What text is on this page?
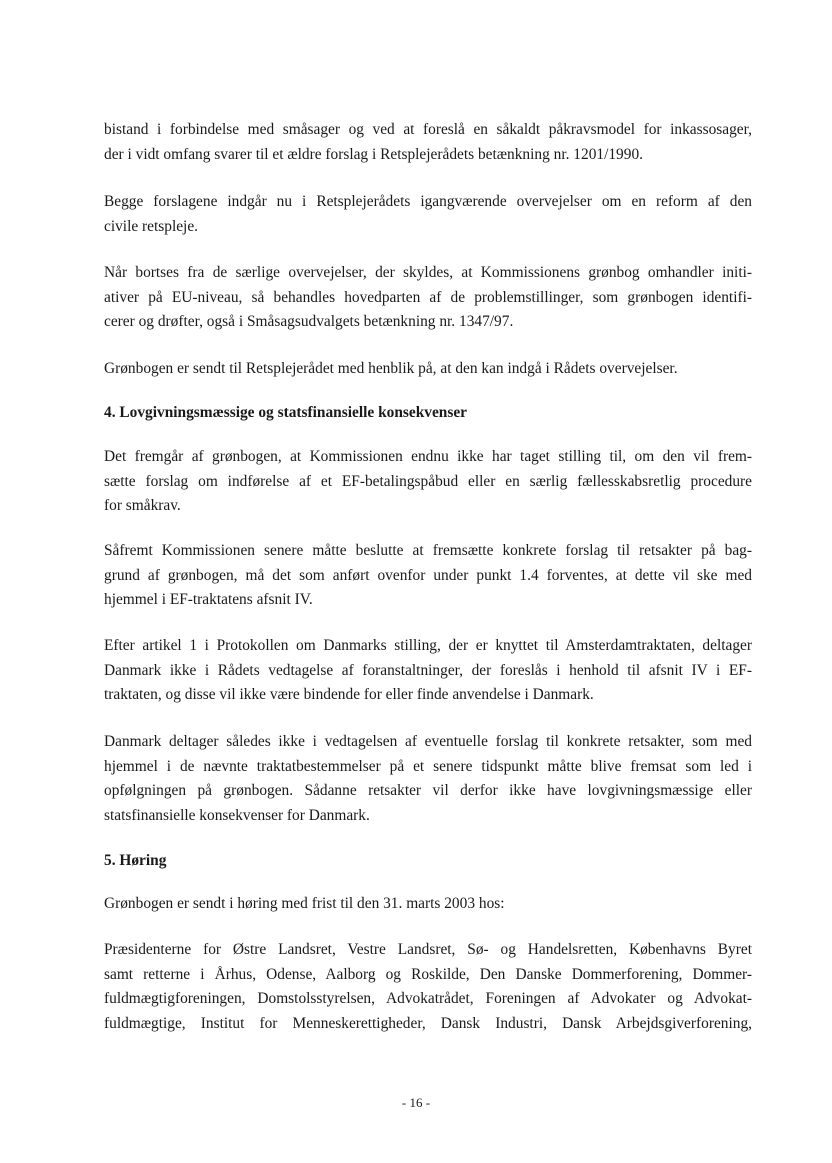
bistand i forbindelse med småsager og ved at foreslå en såkaldt påkravsmodel for inkassosager,
der i vidt omfang svarer til et ældre forslag i Retsplejerådets betænkning nr. 1201/1990.

Begge forslagene indgår nu i Retsplejerådets igangværende overvejelser om en reform af den
civile retspleje.

Når bortses fra de særlige overvejelser, der skyldes, at Kommissionens grønbog omhandler initi-
ativer på EU-niveau, så behandles hovedparten af de problemstillinger, som grønbogen identifi-
cerer og drøfter, også i Småsagsudvalgets betænkning nr. 1347/97.

Grønbogen er sendt til Retsplejerådet med henblik på, at den kan indgå i Rådets overvejelser.

4. Lovgivningsmæssige og statsfinansielle konsekvenser

Det fremgår af grønbogen, at Kommissionen endnu ikke har taget stilling til, om den vil frem-
sætte forslag om indførelse af et EF-betalingspåbud eller en særlig fællesskabsretlig procedure
for småkrav.

Såfremt Kommissionen senere måtte beslutte at fremsætte konkrete forslag til retsakter på bag-
grund af grønbogen, må det som anført ovenfor under punkt 1.4 forventes, at dette vil ske med
hjemmel i EF-traktatens afsnit IV.

Efter artikel 1 i Protokollen om Danmarks stilling, der er knyttet til Amsterdamtraktaten, deltager
Danmark ikke i Rådets vedtagelse af foranstaltninger, der foreslås i henhold til afsnit IV i EF-
traktaten, og disse vil ikke være bindende for eller finde anvendelse i Danmark.

Danmark deltager således ikke i vedtagelsen af eventuelle forslag til konkrete retsakter, som med
hjemmel i de nævnte traktatbestemmelser på et senere tidspunkt måtte blive fremsat som led i
opfølgningen på grønbogen. Sådanne retsakter vil derfor ikke have lovgivningsmæssige eller
statsfinansielle konsekvenser for Danmark.

5. Høring

Grønbogen er sendt i høring med frist til den 31. marts 2003 hos:

Præsidenterne for Østre Landsret, Vestre Landsret, Sø- og Handelsretten, Københavns Byret
samt retterne i Århus, Odense, Aalborg og Roskilde, Den Danske Dommerforening, Dommer-
fuldmægtigforeningen, Domstolsstyrelsen, Advokatrådet, Foreningen af Advokater og Advokat-
fuldmægtige, Institut for Menneskerettigheder, Dansk Industri, Dansk Arbejdsgiverforening,

- 16 -
